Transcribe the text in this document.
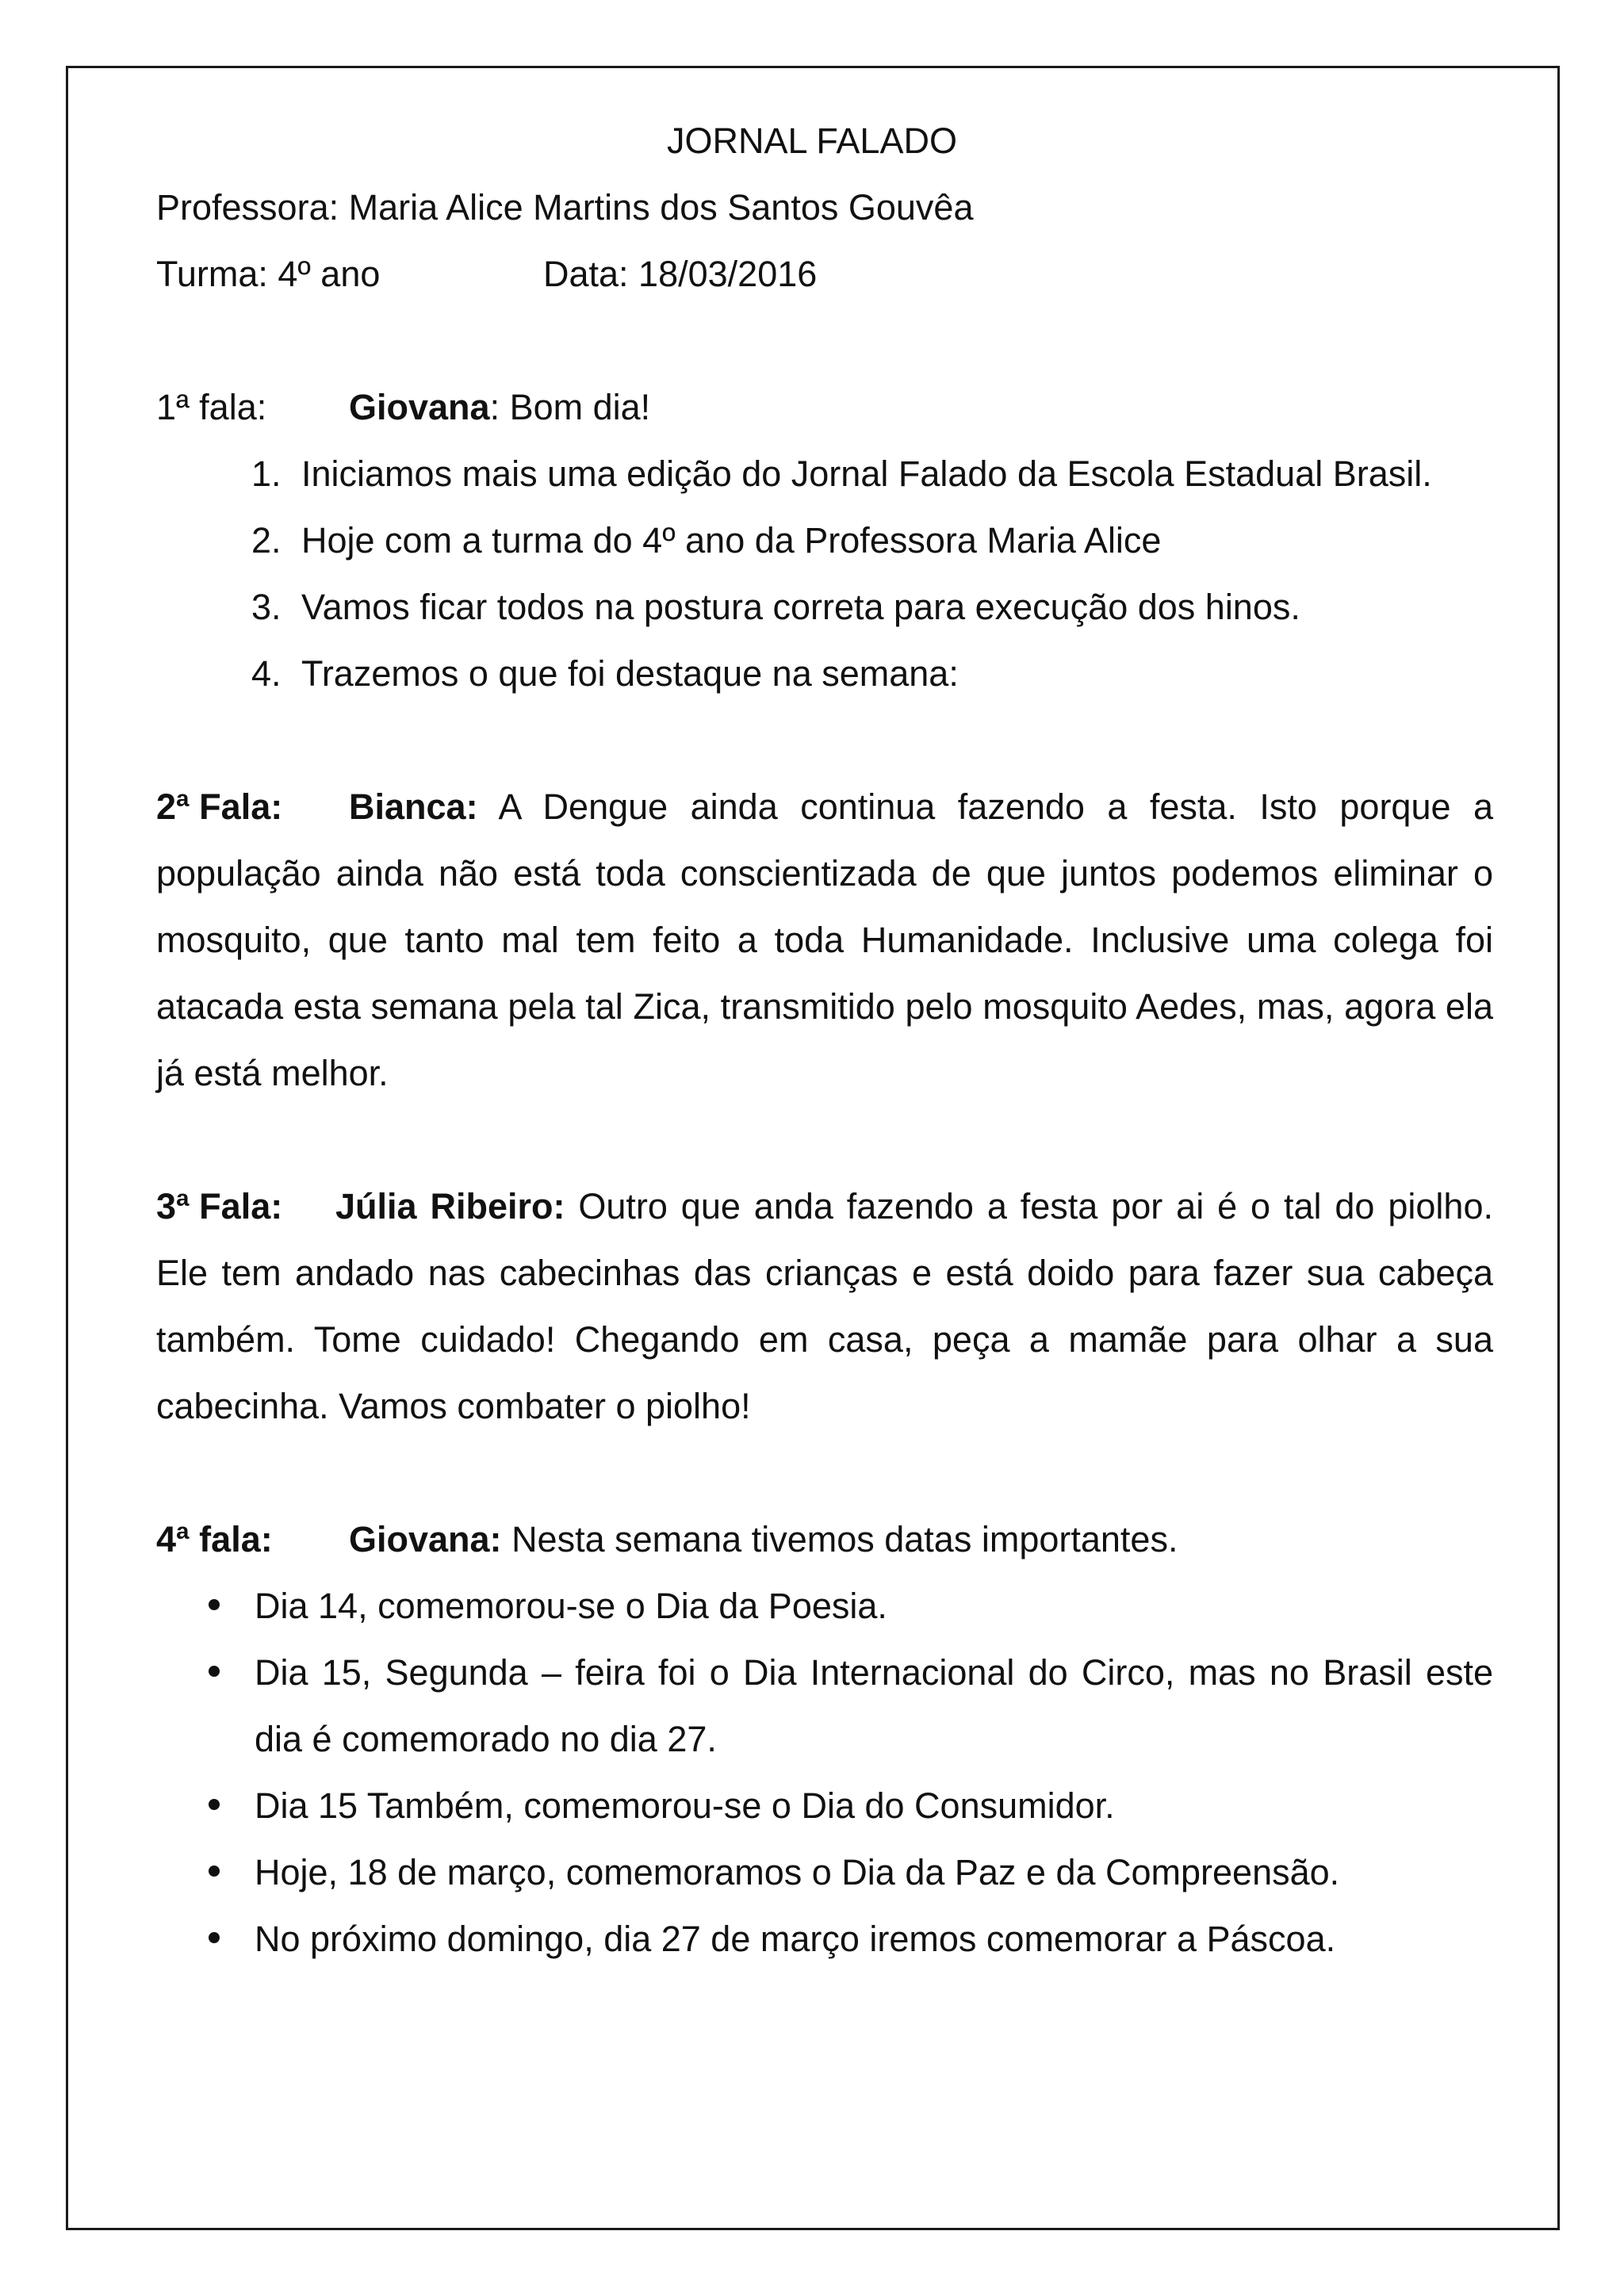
JORNAL FALADO
Professora: Maria Alice Martins dos Santos Gouvêa
Turma: 4º ano	Data: 18/03/2016
1ª fala:	Giovana: Bom dia!
1. Iniciamos mais uma edição do Jornal Falado da Escola Estadual Brasil.
2. Hoje com a turma do 4º ano da Professora Maria Alice
3. Vamos ficar todos na postura correta para execução dos hinos.
4. Trazemos o que foi destaque na semana:
2ª Fala: Bianca: A Dengue ainda continua fazendo a festa. Isto porque a população ainda não está toda conscientizada de que juntos podemos eliminar o mosquito, que tanto mal tem feito a toda Humanidade. Inclusive uma colega foi atacada esta semana pela tal Zica, transmitido pelo mosquito Aedes, mas, agora ela já está melhor.
3ª Fala: Júlia Ribeiro: Outro que anda fazendo a festa por ai é o tal do piolho. Ele tem andado nas cabecinhas das crianças e está doido para fazer sua cabeça também. Tome cuidado! Chegando em casa, peça a mamãe para olhar a sua cabecinha. Vamos combater o piolho!
4ª fala:	Giovana: Nesta semana tivemos datas importantes.
Dia 14, comemorou-se o Dia da Poesia.
Dia 15, Segunda – feira foi o Dia Internacional do Circo, mas no Brasil este dia é comemorado no dia 27.
Dia 15 Também, comemorou-se o Dia do Consumidor.
Hoje, 18 de março, comemoramos o Dia da Paz e da Compreensão.
No próximo domingo, dia 27 de março iremos comemorar a Páscoa.
